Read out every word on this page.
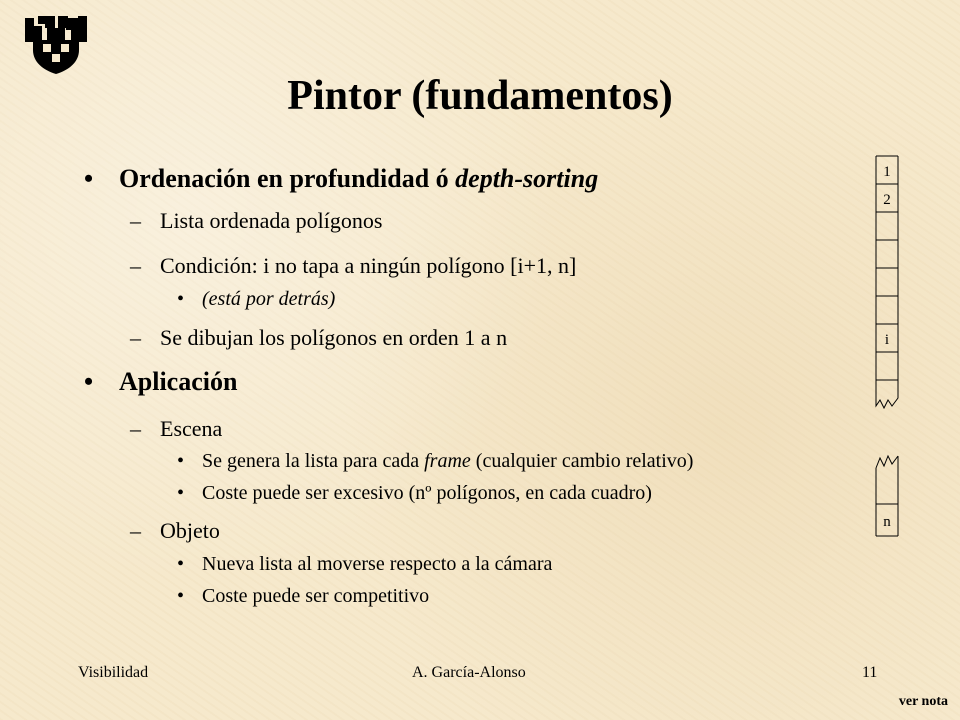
Pintor (fundamentos)
• Ordenación en profundidad ó depth-sorting
– Lista ordenada polígonos
– Condición: i no tapa a ningún polígono [i+1, n]
• (está por detrás)
– Se dibujan los polígonos en orden 1 a n
• Aplicación
– Escena
• Se genera la lista para cada frame (cualquier cambio relativo)
• Coste puede ser excesivo (nº polígonos, en cada cuadro)
– Objeto
• Nueva lista al moverse respecto a la cámara
• Coste puede ser competitivo
1
2
i
n
Visibilidad	A. García-Alonso	11
ver nota
